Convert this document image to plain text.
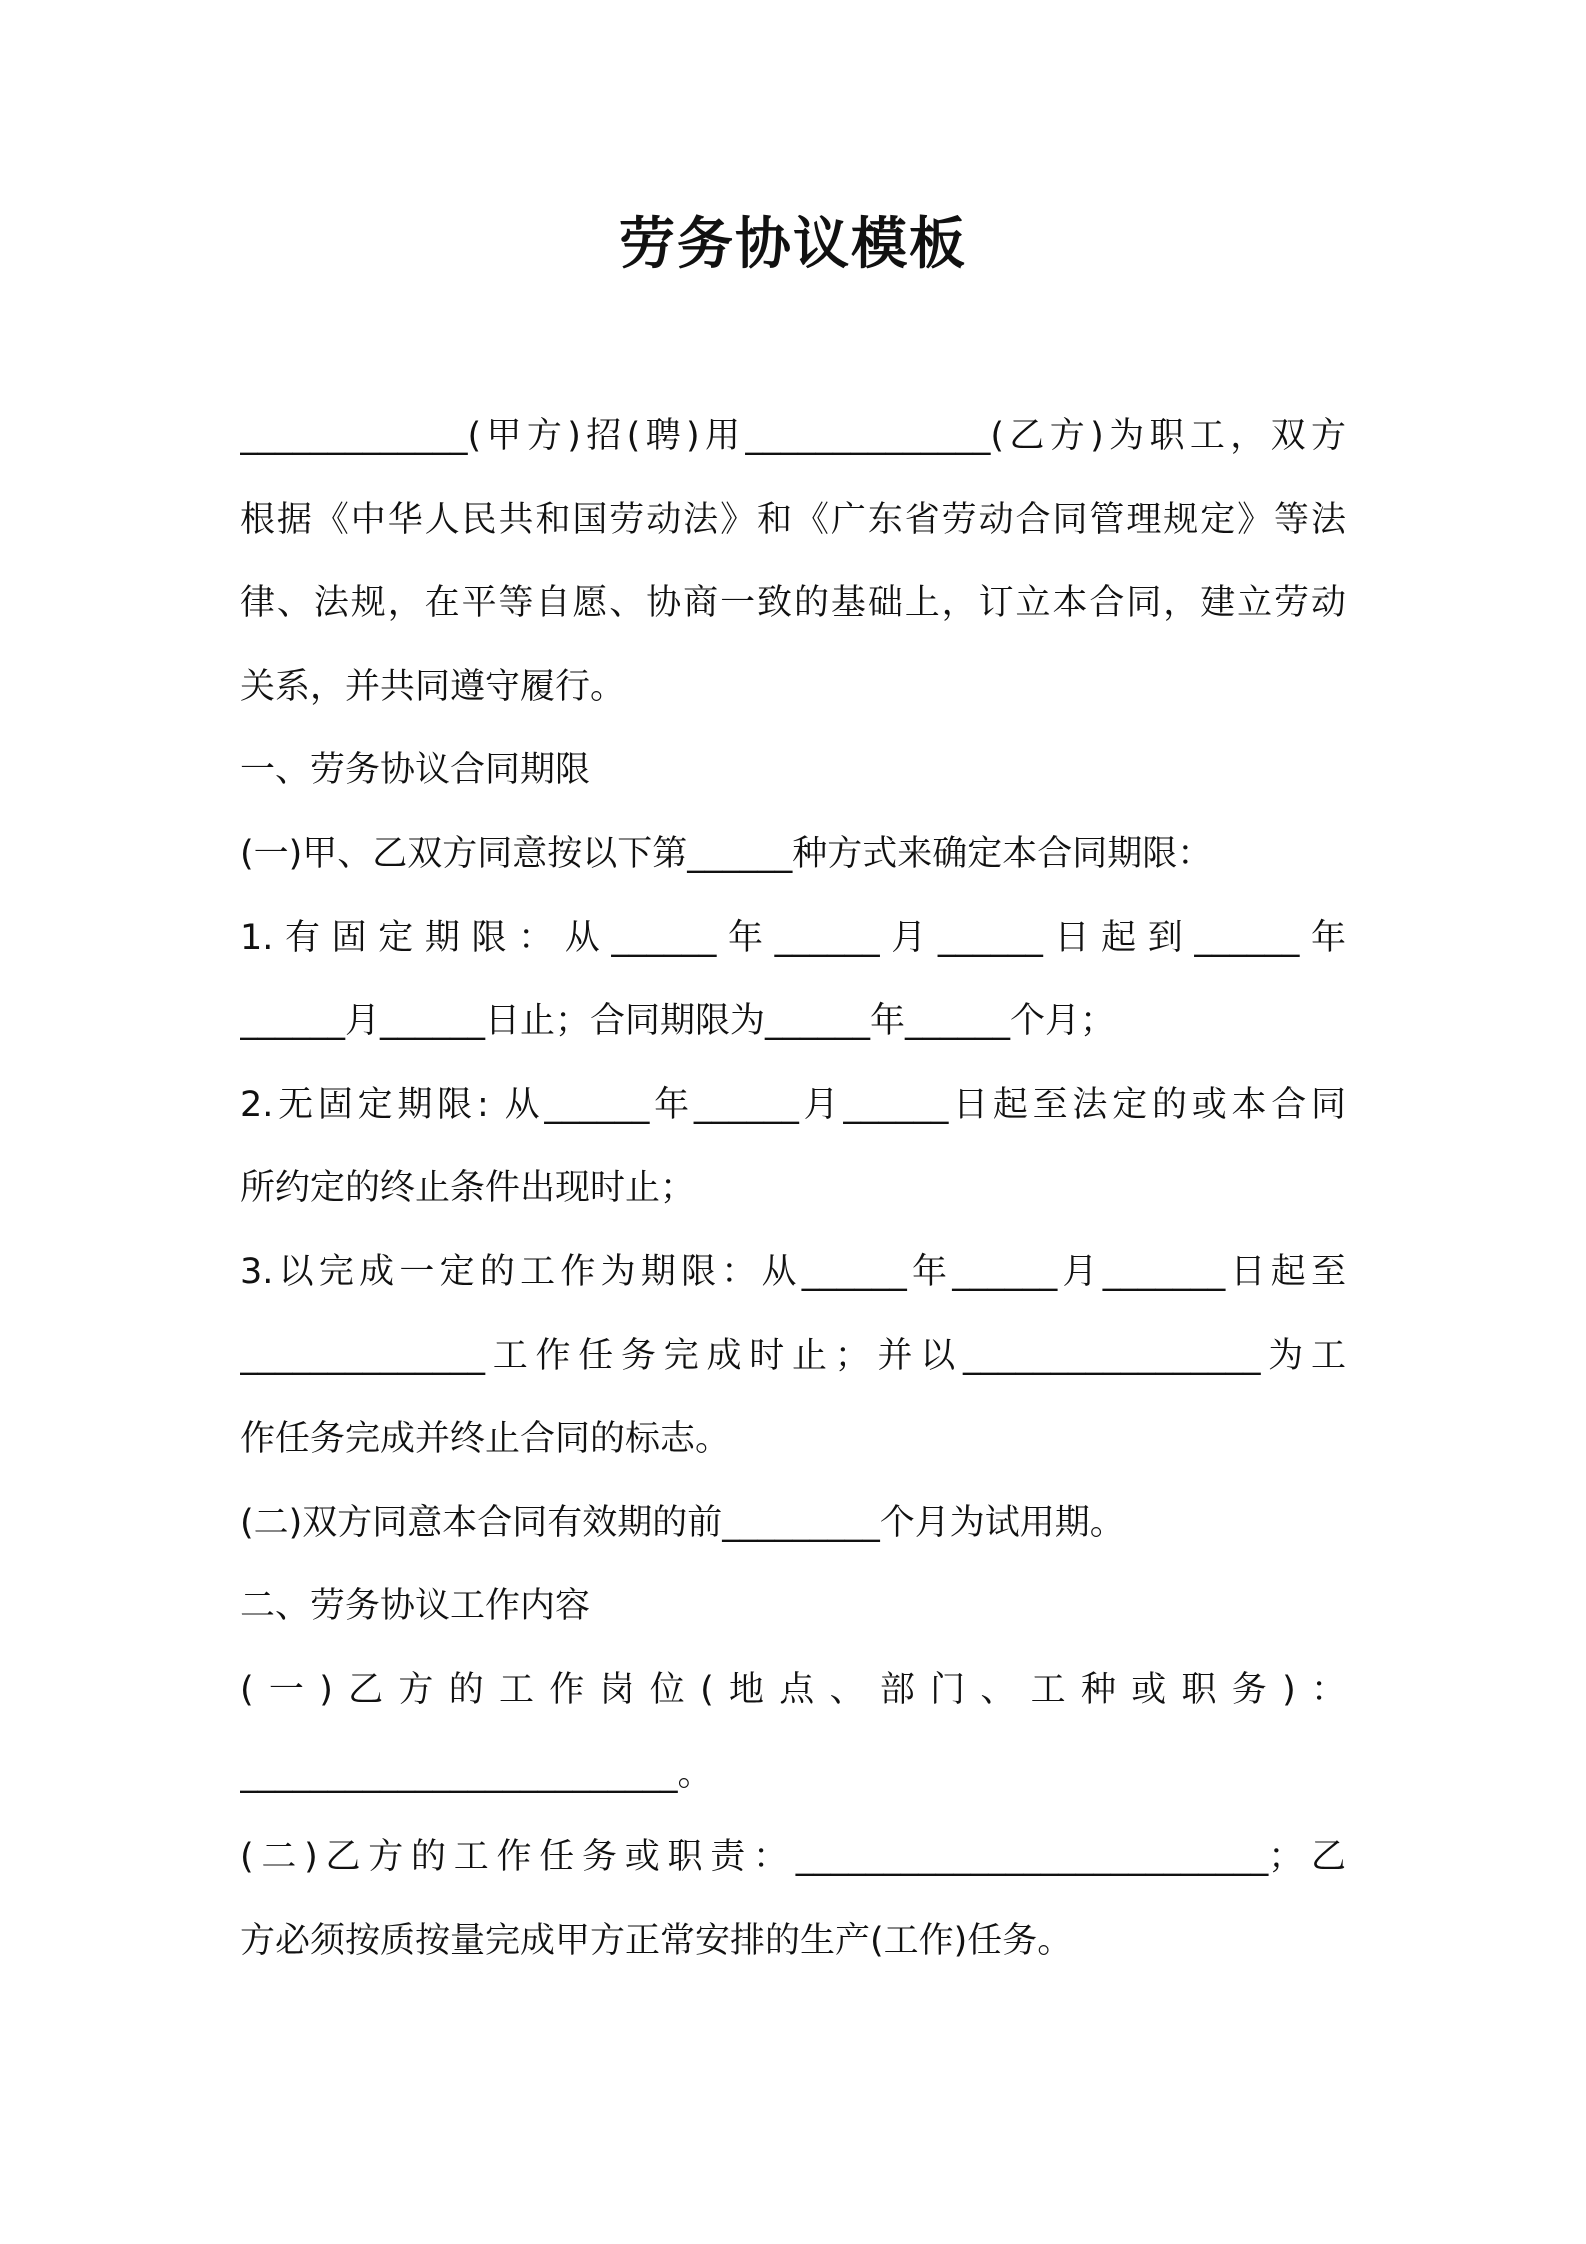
劳务协议模板
_____________(甲方)招(聘)用______________(乙方)为职工，双方
根据《中华人民共和国劳动法》和《广东省劳动合同管理规定》等法
律、法规，在平等自愿、协商一致的基础上，订立本合同，建立劳动
关系，并共同遵守履行。
一、劳务协议合同期限
(一)甲、乙双方同意按以下第______种方式来确定本合同期限：
1.有固定期限：从______年______月______日起到______年
______月______日止；合同期限为______年______个月；
2.无固定期限: 从______年______月______日起至法定的或本合同
所约定的终止条件出现时止；
3.以完成一定的工作为期限：从______年______月_______日起至
______________工作任务完成时止；并以_________________为工
作任务完成并终止合同的标志。
(二)双方同意本合同有效期的前_________个月为试用期。
二、劳务协议工作内容
(一)乙方的工作岗位(地点、部门、工种或职务)：
_________________________。
(二)乙方的工作任务或职责：___________________________；乙
方必须按质按量完成甲方正常安排的生产(工作)任务。
